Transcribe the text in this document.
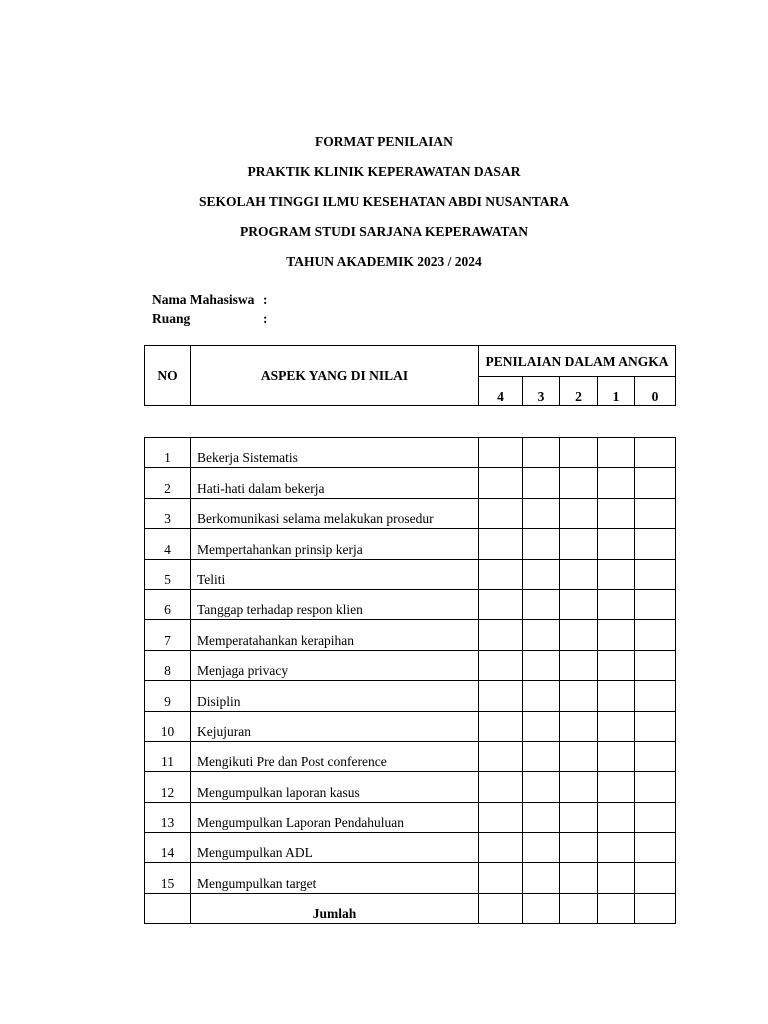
FORMAT PENILAIAN

PRAKTIK KLINIK KEPERAWATAN DASAR

SEKOLAH TINGGI ILMU KESEHATAN ABDI NUSANTARA

PROGRAM STUDI SARJANA KEPERAWATAN

TAHUN AKADEMIK 2023 / 2024

Nama Mahasiswa :
Ruang	:
NO	ASPEK YANG DI NILAI	PENILAIAN DALAM ANGKA				
		4	3	2	1	0
1	Bekerja Sistematis					
2	Hati-hati dalam bekerja					
3	Berkomunikasi selama melakukan prosedur					
4	Mempertahankan prinsip kerja					
5	Teliti					
6	Tanggap terhadap respon klien					
7	Memperatahankan kerapihan					
8	Menjaga privacy					
9	Disiplin					
10	Kejujuran					
11	Mengikuti Pre dan Post conference					
12	Mengumpulkan laporan kasus					
13	Mengumpulkan Laporan Pendahuluan					
14	Mengumpulkan ADL					
15	Mengumpulkan target					
	Jumlah					
